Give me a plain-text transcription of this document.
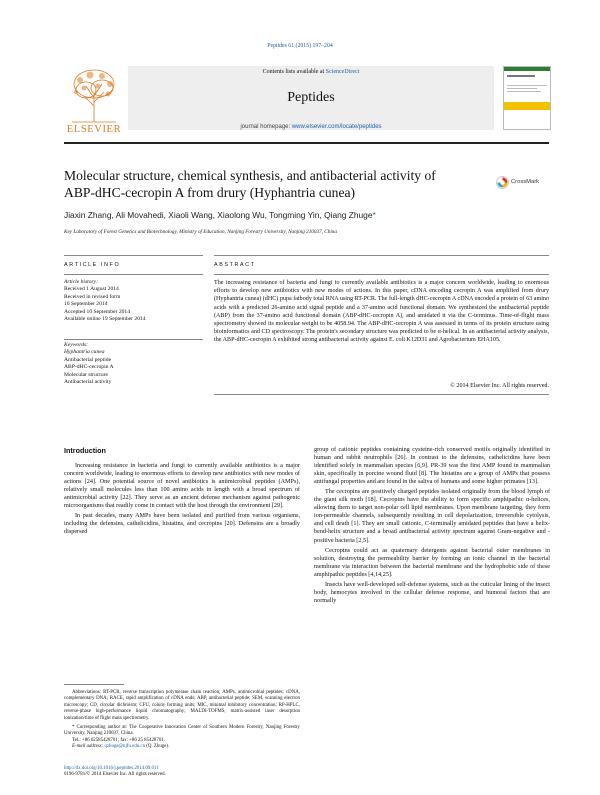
Peptides 61 (2015) 197–204
ELSEVIER
Contents lists available at ScienceDirect
Peptides
journal homepage: www.elsevier.com/locate/peptides
Molecular structure, chemical synthesis, and antibacterial activity of
ABP-dHC-cecropin A from drury (Hyphantria cunea)
CrossMark
Jiaxin Zhang, Ali Movahedi, Xiaoli Wang, Xiaolong Wu, Tongming Yin, Qiang Zhuge*
Key Laboratory of Forest Genetics and Biotechnology, Ministry of Education, Nanjing Forestry University, Nanjing 210037, China
ARTICLE INFO	ABSTRACT
Article history:
Received 1 August 2014
Received in revised form
10 September 2014
Accepted 10 September 2014
Available online 19 September 2014
Keywords:
Hyphantria cunea
Antibacterial peptide
ABP-dHC-cecropin A
Molecular structure
Antibacterial activity
The increasing resistance of bacteria and fungi to currently available antibiotics is a major concern worldwide, leading to enormous efforts to develop new antibiotics with new modes of actions. In this paper, cDNA encoding cecropin A was amplified from drury (Hyphantria cunea) (dHC) pupa fatbody total RNA using RT-PCR. The full-length dHC-cecropin A cDNA encoded a protein of 63 amino acids with a predicted 26-amino acid signal peptide and a 37-amino acid functional domain. We synthesized the antibacterial peptide (ABP) from the 37-amino acid functional domain (ABP-dHC-cecropin A), and amidated it via the C-terminus. Time-of-flight mass spectrometry showed its molecular weight to be 4058.94. The ABP-dHC-cecropin A was assessed in terms of its protein structure using bioinformatics and CD spectroscopy. The protein's secondary structure was predicted to be α-helical. In an antibacterial activity analysis, the ABP-dHC-cecropin A exhibited strong antibacterial activity against E. coli K12D31 and Agrobacterium EHA105.
© 2014 Elsevier Inc. All rights reserved.
Introduction

Increasing resistance in bacteria and fungi to currently available antibiotics is a major concern worldwide, leading to enormous efforts to develop new antibiotics with new modes of actions [24]. One potential source of novel antibiotics is antimicrobial peptides (AMPs), relatively small molecules less than 100 amino acids in length with a broad spectrum of antimicrobial activity [22]. They serve as an ancient defense mechanism against pathogenic microorganisms that readily come in contact with the host through the environment [29].

In past decades, many AMPs have been isolated and purified from various organisms, including the defensins, cathelicidins, histatins, and cecropins [20]. Defensins are a broadly dispersed

Abbreviations: RT-PCR, reverse transcription polymerase chain reaction; AMPs, antimicrobial peptides; cDNA, complementary DNA; RACE, rapid amplification of cDNA ends; ABP, antibacterial peptide; SEM, scanning electron microscopy; CD, circular dichroism; CFU, colony forming units; MIC, minimal inhibitory concentration; RP-HPLC, reverse-phase high-performance liquid chromatography; MALDI-TOFMS, matrix-assisted laser desorption ionization/time of flight mass spectrometry.
* Corresponding author at: The Cooperative Innovation Center of Southern Modern Forestry, Nanjing Forestry University, Nanjing 210037, China.
Tel.: +86 02585428701; fax: +86 25 85428701.
E-mail address: qzhuge@njfu.edu.cn (Q. Zhuge).
http://dx.doi.org/10.1016/j.peptides.2014.09.011
0196-9781/© 2014 Elsevier Inc. All rights reserved.

group of cationic peptides containing cysteine-rich conserved motifs originally identified in human and rabbit neutrophils [26]. In contrast to the defensins, cathelicidins have been identified solely in mammalian species [6,9]. PR-39 was the first AMP found in mammalian skin, specifically in porcine wound fluid [8]. The histatins are a group of AMPs that possess antifungal properties and are found in the saliva of humans and some higher primates [13].

The cecropins are positively charged peptides isolated originally from the blood lymph of the giant silk moth [18]. Cecropins have the ability to form specific amphipathic α-helices, allowing them to target non-polar cell lipid membranes. Upon membrane targeting, they form ion-permeable channels, subsequently resulting in cell depolarization, irreversible cytolysis, and cell death [1]. They are small cationic, C-terminally amidated peptides that have a helix-bend-helix structure and a broad antibacterial activity spectrum against Gram-negative and -positive bacteria [2,5].

Cecropins could act as quaternary detergents against bacterial outer membranes in solution, destroying the permeability barrier by forming an ionic channel in the bacterial membrane via interaction between the bacterial membrane and the hydrophobic side of these amphipathic peptides [4,14,25].

Insects have well-developed self-defense systems, such as the cuticular lining of the insect body, hemocytes involved in the cellular defense response, and humoral factors that are normally
